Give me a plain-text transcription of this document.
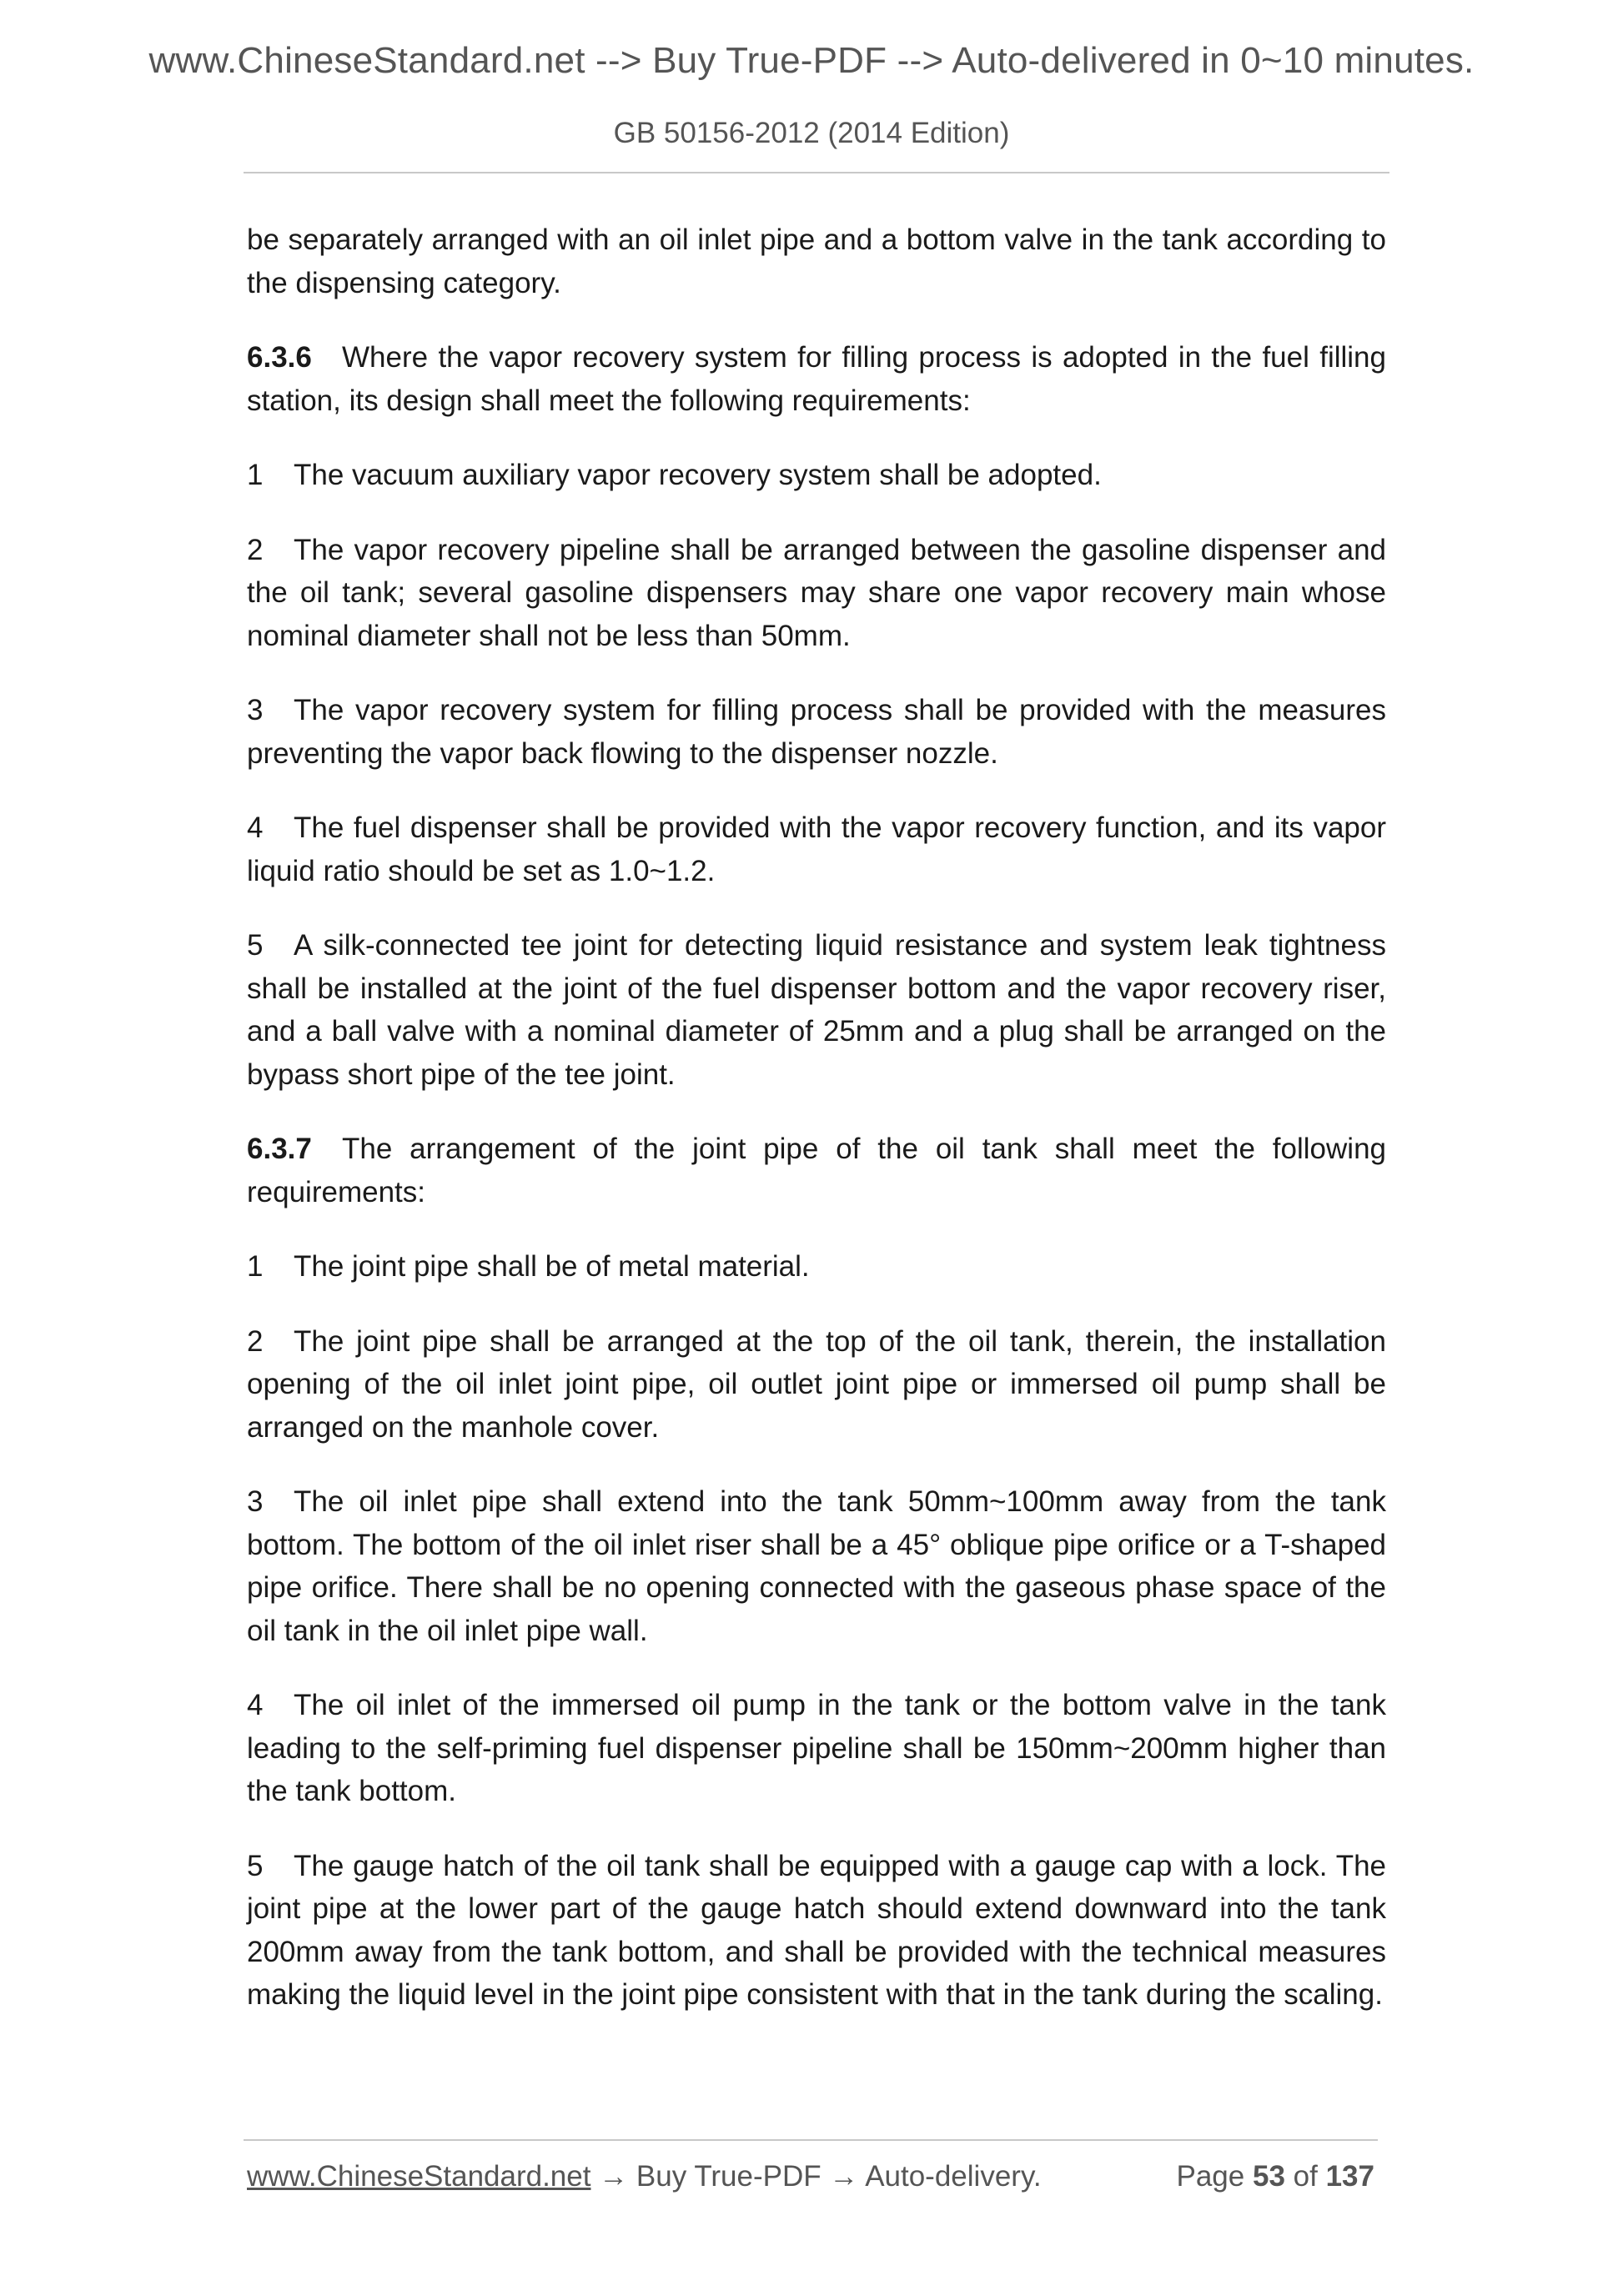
www.ChineseStandard.net --> Buy True-PDF --> Auto-delivered in 0~10 minutes.
GB 50156-2012 (2014 Edition)

be separately arranged with an oil inlet pipe and a bottom valve in the tank according to the dispensing category.

6.3.6 Where the vapor recovery system for filling process is adopted in the fuel filling station, its design shall meet the following requirements:

1 The vacuum auxiliary vapor recovery system shall be adopted.

2 The vapor recovery pipeline shall be arranged between the gasoline dispenser and the oil tank; several gasoline dispensers may share one vapor recovery main whose nominal diameter shall not be less than 50mm.

3 The vapor recovery system for filling process shall be provided with the measures preventing the vapor back flowing to the dispenser nozzle.

4 The fuel dispenser shall be provided with the vapor recovery function, and its vapor liquid ratio should be set as 1.0~1.2.

5 A silk-connected tee joint for detecting liquid resistance and system leak tightness shall be installed at the joint of the fuel dispenser bottom and the vapor recovery riser, and a ball valve with a nominal diameter of 25mm and a plug shall be arranged on the bypass short pipe of the tee joint.

6.3.7 The arrangement of the joint pipe of the oil tank shall meet the following requirements:

1 The joint pipe shall be of metal material.

2 The joint pipe shall be arranged at the top of the oil tank, therein, the installation opening of the oil inlet joint pipe, oil outlet joint pipe or immersed oil pump shall be arranged on the manhole cover.

3 The oil inlet pipe shall extend into the tank 50mm~100mm away from the tank bottom. The bottom of the oil inlet riser shall be a 45° oblique pipe orifice or a T-shaped pipe orifice. There shall be no opening connected with the gaseous phase space of the oil tank in the oil inlet pipe wall.

4 The oil inlet of the immersed oil pump in the tank or the bottom valve in the tank leading to the self-priming fuel dispenser pipeline shall be 150mm~200mm higher than the tank bottom.

5 The gauge hatch of the oil tank shall be equipped with a gauge cap with a lock. The joint pipe at the lower part of the gauge hatch should extend downward into the tank 200mm away from the tank bottom, and shall be provided with the technical measures making the liquid level in the joint pipe consistent with that in the tank during the scaling.

www.ChineseStandard.net → Buy True-PDF → Auto-delivery.	Page 53 of 137
